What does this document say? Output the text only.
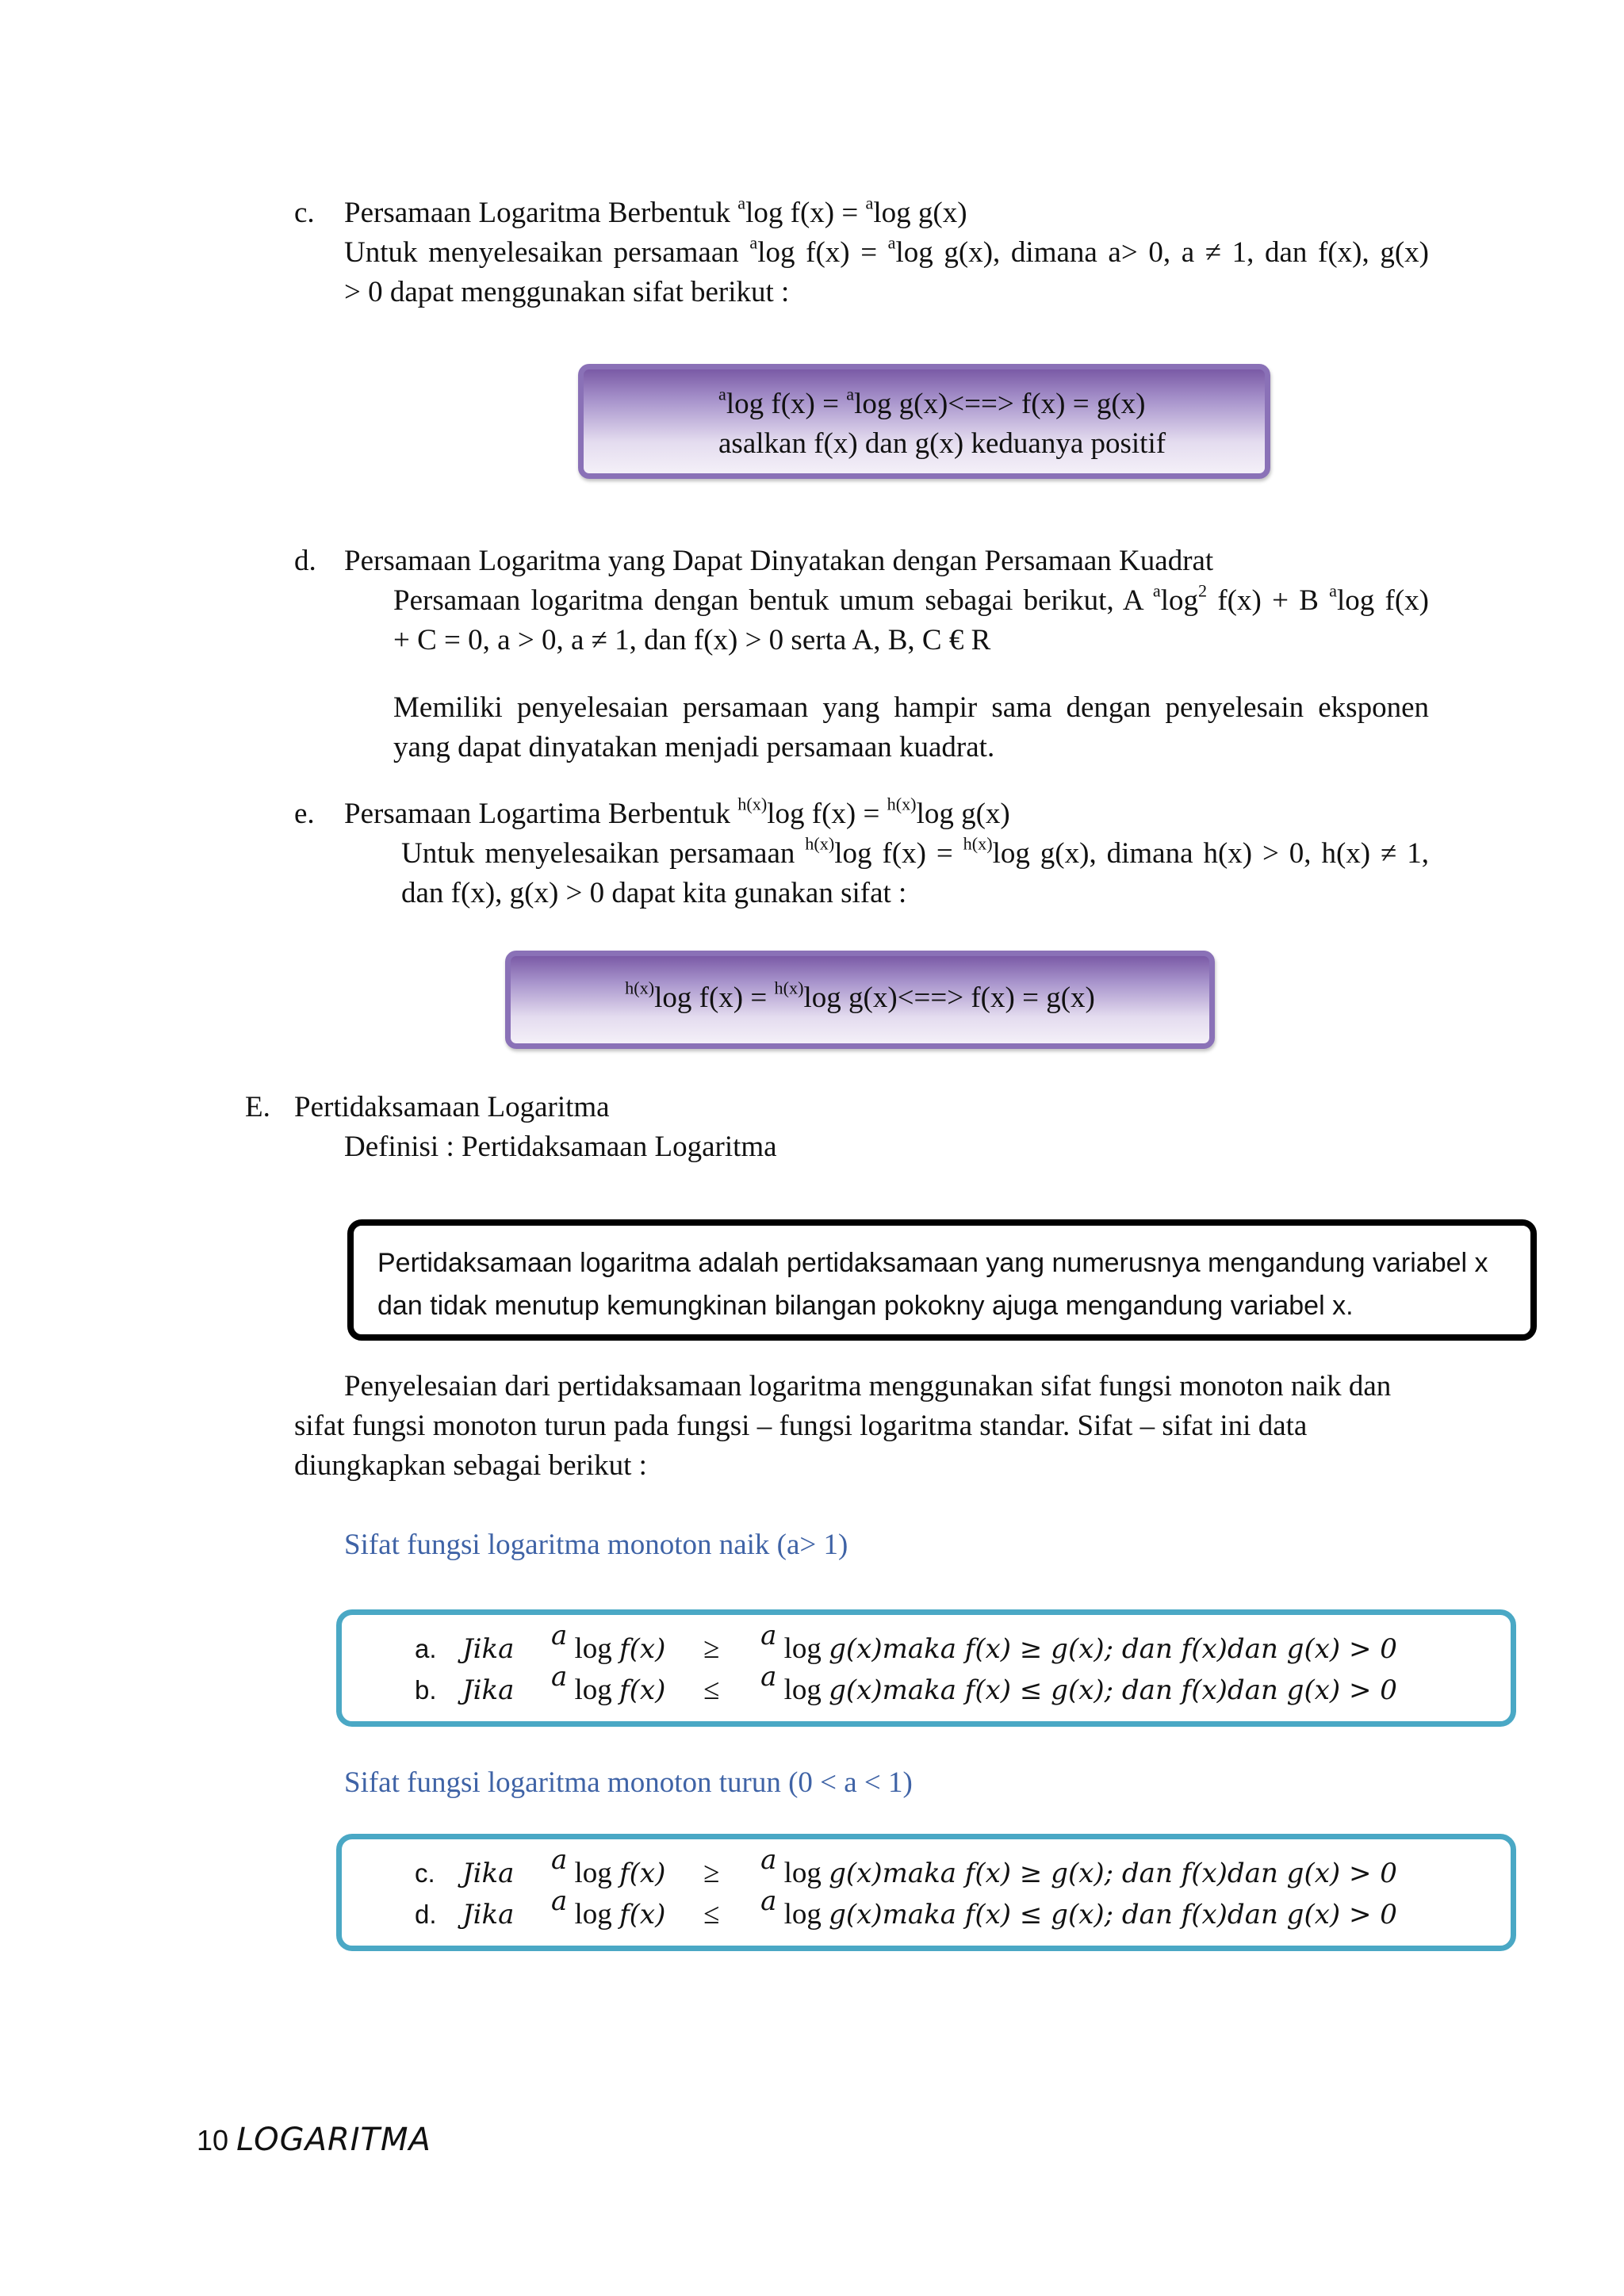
c. Persamaan Logaritma Berbentuk $^a$log f(x) = $^a$log g(x)
Untuk menyelesaikan persamaan $^a$log f(x) = $^a$log g(x), dimana a> 0, a ≠ 1, dan f(x), g(x)
> 0 dapat menggunakan sifat berikut :
$^a$log f(x) = $^a$log g(x)<==> f(x) = g(x)
asalkan f(x) dan g(x) keduanya positif
d. Persamaan Logaritma yang Dapat Dinyatakan dengan Persamaan Kuadrat
Persamaan logaritma dengan bentuk umum sebagai berikut, A $^a\log^2$ f(x) + B $^a$log f(x)
+ C = 0, a > 0, a ≠ 1, dan f(x) > 0 serta A, B, C € R
Memiliki penyelesaian persamaan yang hampir sama dengan penyelesain eksponen
yang dapat dinyatakan menjadi persamaan kuadrat.
e. Persamaan Logartima Berbentuk $^{h(x)}$log f(x) = $^{h(x)}$log g(x)
Untuk menyelesaikan persamaan $^{h(x)}$log f(x) = $^{h(x)}$log g(x), dimana h(x) > 0, h(x) ≠ 1,
dan f(x), g(x) > 0 dapat kita gunakan sifat :
$^{h(x)}$log f(x) = $^{h(x)}$log g(x)<==> f(x) = g(x)
E. Pertidaksamaan Logaritma
Definisi : Pertidaksamaan Logaritma
Pertidaksamaan logaritma adalah pertidaksamaan yang numerusnya mengandung variabel x
dan tidak menutup kemungkinan bilangan pokokny ajuga mengandung variabel x.
Penyelesaian dari pertidaksamaan logaritma menggunakan sifat fungsi monoton naik dan
sifat fungsi monoton turun pada fungsi – fungsi logaritma standar. Sifat – sifat ini data
diungkapkan sebagai berikut :
Sifat fungsi logaritma monoton naik (a> 1)
a. Jika $^a$ log f(x) ≥ $^a$ log g(x)maka f(x) ≥ g(x); dan f(x)dan g(x) > 0
b. Jika $^a$ log f(x) ≤ $^a$ log g(x)maka f(x) ≤ g(x); dan f(x)dan g(x) > 0
Sifat fungsi logaritma monoton turun (0 < a < 1)
c. Jika $^a$ log f(x) ≥ $^a$ log g(x)maka f(x) ≥ g(x); dan f(x)dan g(x) > 0
d. Jika $^a$ log f(x) ≤ $^a$ log g(x)maka f(x) ≤ g(x); dan f(x)dan g(x) > 0
10 LOGARITMA
